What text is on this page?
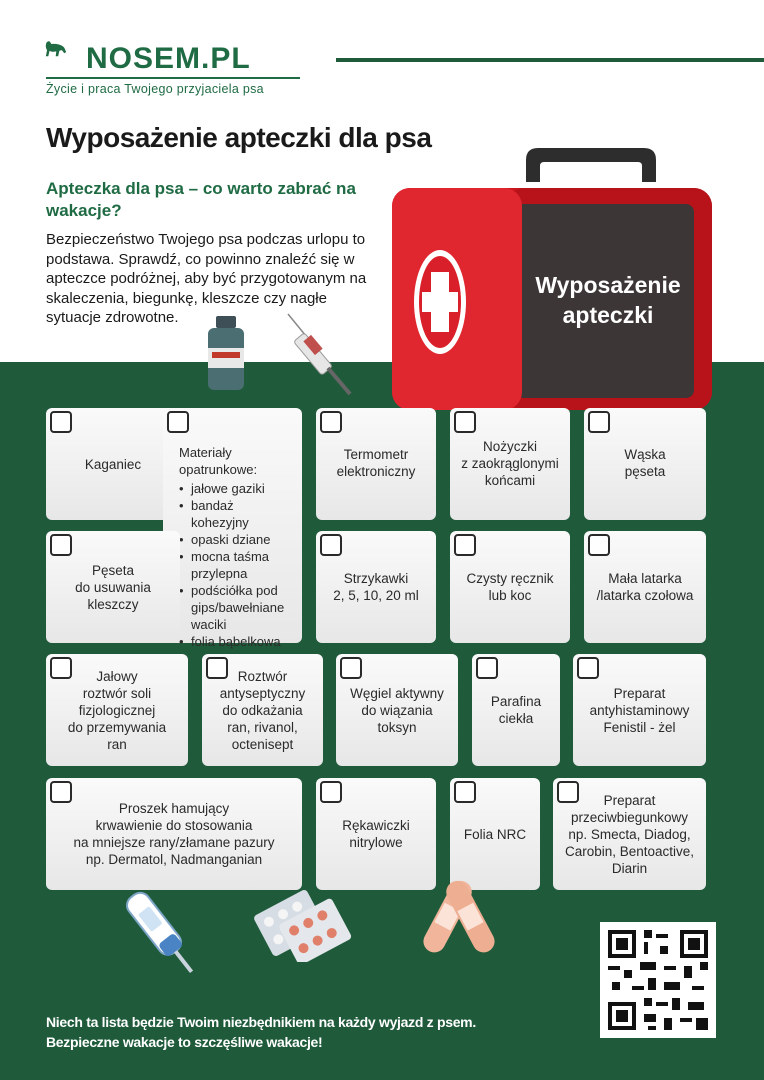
NOSEM.PL
Życie i praca Twojego przyjaciela psa
Wyposażenie apteczki dla psa
Apteczka dla psa – co warto zabrać na wakacje?
Bezpieczeństwo Twojego psa podczas urlopu to podstawa. Sprawdź, co powinno znaleźć się w apteczce podróżnej, aby być przygotowanym na skaleczenia, biegunkę, kleszcze czy nagłe sytuacje zdrowotne.
Wyposażenie apteczki
Kaganiec
Materiały opatrunkowe:
• jałowe gaziki
• bandaż kohezyjny
• opaski dziane
• mocna taśma przylepna
• podściółka pod gips/bawełniane waciki
• folia bąbelkowa
Termometr
elektroniczny
Nożyczki
z zaokrąglonymi
końcami
Wąska
pęseta
Pęseta
do usuwania
kleszczy
Strzykawki
2, 5, 10, 20 ml
Czysty ręcznik
lub koc
Mała latarka
/latarka czołowa
Jałowy
roztwór soli
fizjologicznej
do przemywania
ran
Roztwór
antyseptyczny
do odkażania
ran, rivanol,
octenisept
Węgiel aktywny
do wiązania
toksyn
Parafina
ciekła
Preparat
antyhistaminowy
Fenistil - żel
Proszek hamujący
krwawienie do stosowania
na mniejsze rany/złamane pazury
np. Dermatol, Nadmanganian
Rękawiczki
nitrylowe
Folia NRC
Preparat
przeciwbiegunkowy
np. Smecta, Diadog,
Carobin, Bentoactive,
Diarin
Niech ta lista będzie Twoim niezbędnikiem na każdy wyjazd z psem.
Bezpieczne wakacje to szczęśliwe wakacje!
